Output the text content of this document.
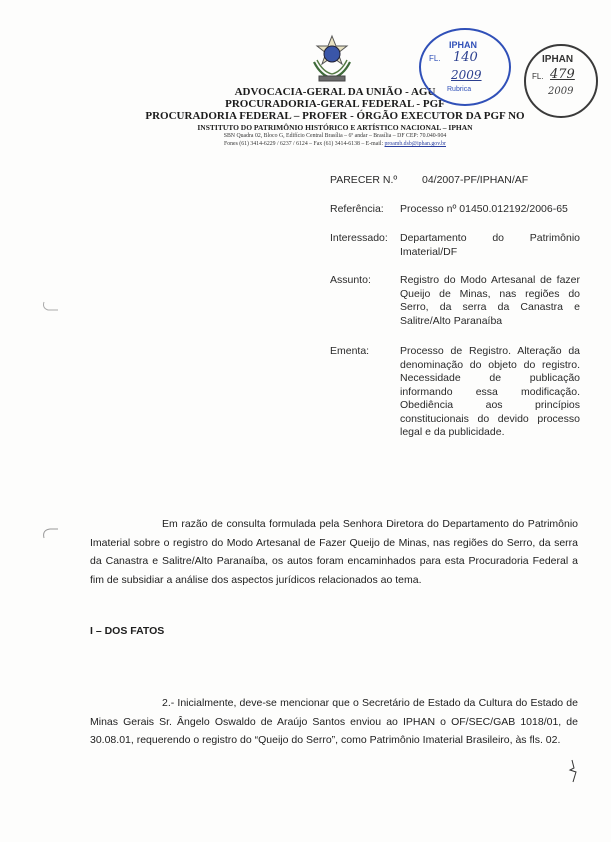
ADVOCACIA-GERAL DA UNIÃO - AGU
PROCURADORIA-GERAL FEDERAL - PGF
PROCURADORIA FEDERAL – PROFER - ÓRGÃO EXECUTOR DA PGF NO
INSTITUTO DO PATRIMÔNIO HISTÓRICO E ARTÍSTICO NACIONAL – IPHAN
SBN Quadra 02, Bloco G, Edifício Central Brasília – 6º andar – Brasília – DF CEP: 70.040-904
Fones (61) 3414-6229 / 6237 / 6124 – Fax (61) 3414-6138 – E-mail: proamb.dsb@iphan.gov.br
IPHAN
FL. 140
2009
Rubrica
IPHAN
FL. 479
2009
PARECER N.º 04/2007-PF/IPHAN/AF
Referência: Processo nº 01450.012192/2006-65
Interessado: Departamento do Patrimônio
Imaterial/DF
Assunto:	Registro do Modo Artesanal de fazer Queijo de Minas, nas regiões do Serro, da serra da Canastra e Salitre/Alto Paranaíba
Ementa:	Processo de Registro. Alteração da denominação do objeto do registro. Necessidade de publicação informando essa modificação. Obediência aos princípios constitucionais do devido processo legal e da publicidade.
Em razão de consulta formulada pela Senhora Diretora do Departamento do Patrimônio Imaterial sobre o registro do Modo Artesanal de Fazer Queijo de Minas, nas regiões do Serro, da serra da Canastra e Salitre/Alto Paranaíba, os autos foram encaminhados para esta Procuradoria Federal a fim de subsidiar a análise dos aspectos jurídicos relacionados ao tema.
I – DOS FATOS
2.- Inicialmente, deve-se mencionar que o Secretário de Estado da Cultura do Estado de Minas Gerais Sr. Ângelo Oswaldo de Araújo Santos enviou ao IPHAN o OF/SEC/GAB 1018/01, de 30.08.01, requerendo o registro do “Queijo do Serro”, como Patrimônio Imaterial Brasileiro, às fls. 02.
